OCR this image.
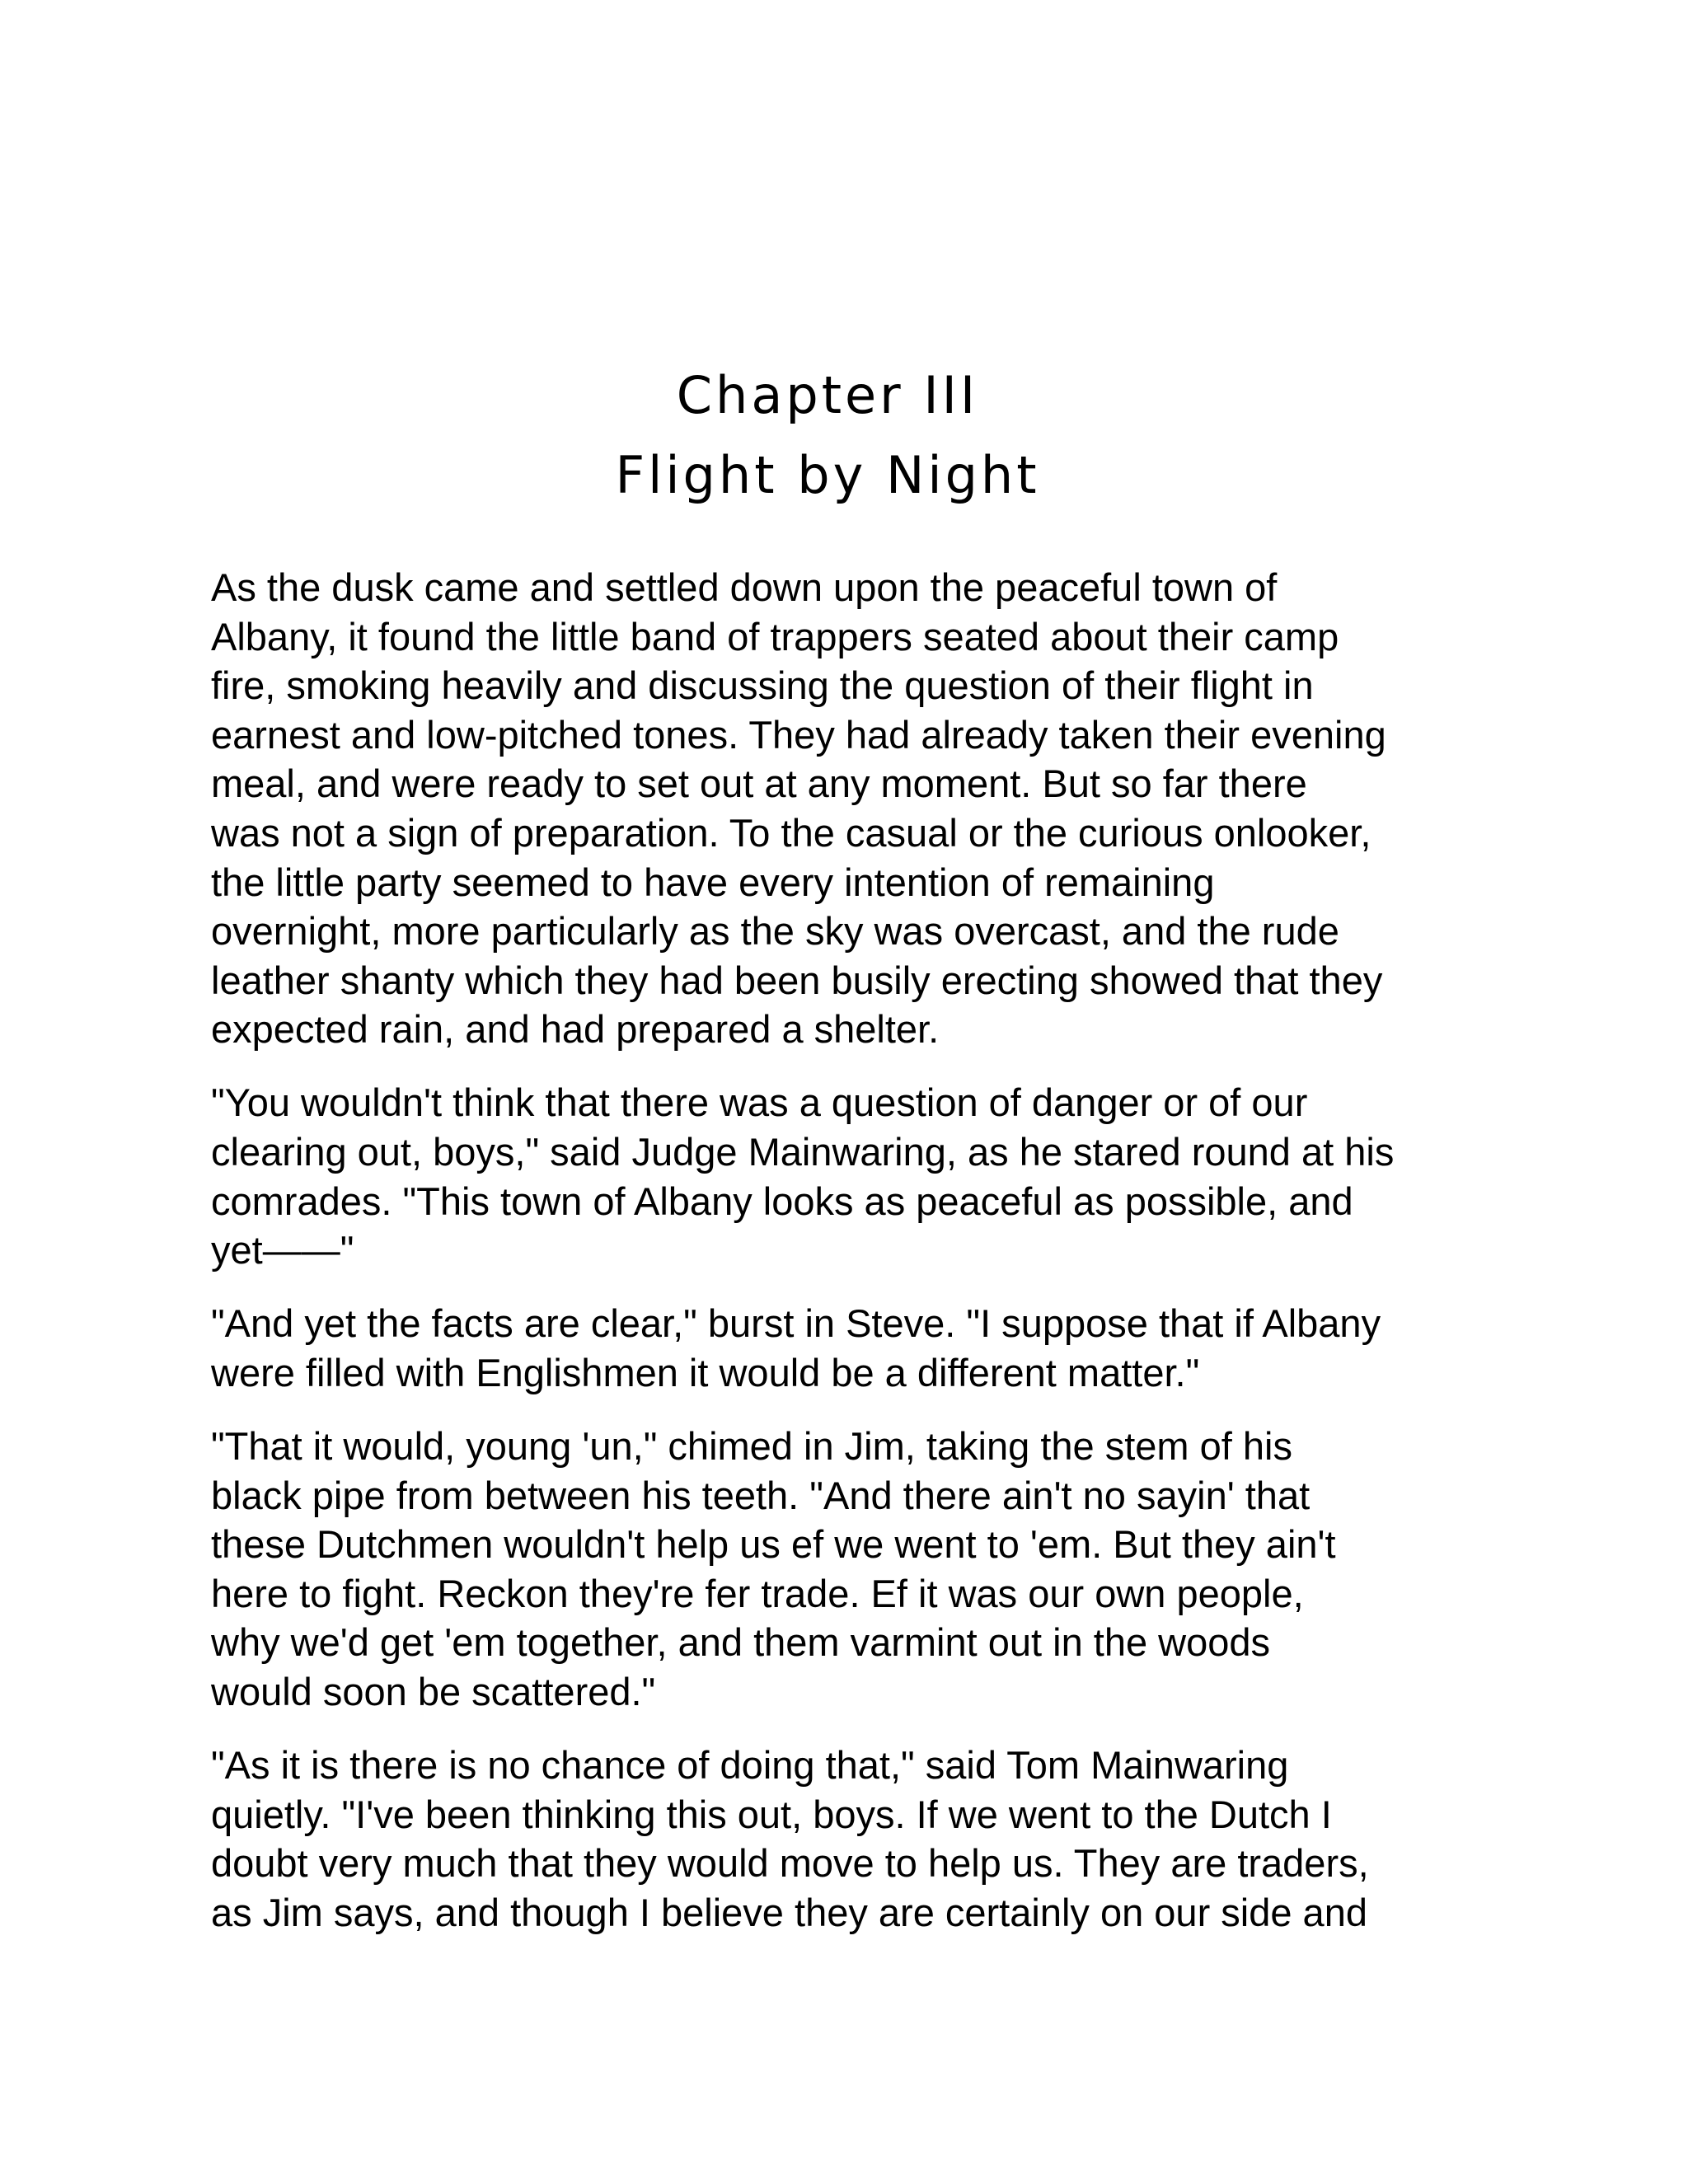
Chapter III
Flight by Night

As the dusk came and settled down upon the peaceful town of
Albany, it found the little band of trappers seated about their camp
fire, smoking heavily and discussing the question of their flight in
earnest and low-pitched tones. They had already taken their evening
meal, and were ready to set out at any moment. But so far there
was not a sign of preparation. To the casual or the curious onlooker,
the little party seemed to have every intention of remaining
overnight, more particularly as the sky was overcast, and the rude
leather shanty which they had been busily erecting showed that they
expected rain, and had prepared a shelter.

"You wouldn't think that there was a question of danger or of our
clearing out, boys," said Judge Mainwaring, as he stared round at his
comrades. "This town of Albany looks as peaceful as possible, and
yet——"

"And yet the facts are clear," burst in Steve. "I suppose that if Albany
were filled with Englishmen it would be a different matter."

"That it would, young 'un," chimed in Jim, taking the stem of his
black pipe from between his teeth. "And there ain't no sayin' that
these Dutchmen wouldn't help us ef we went to 'em. But they ain't
here to fight. Reckon they're fer trade. Ef it was our own people,
why we'd get 'em together, and them varmint out in the woods
would soon be scattered."

"As it is there is no chance of doing that," said Tom Mainwaring
quietly. "I've been thinking this out, boys. If we went to the Dutch I
doubt very much that they would move to help us. They are traders,
as Jim says, and though I believe they are certainly on our side and
